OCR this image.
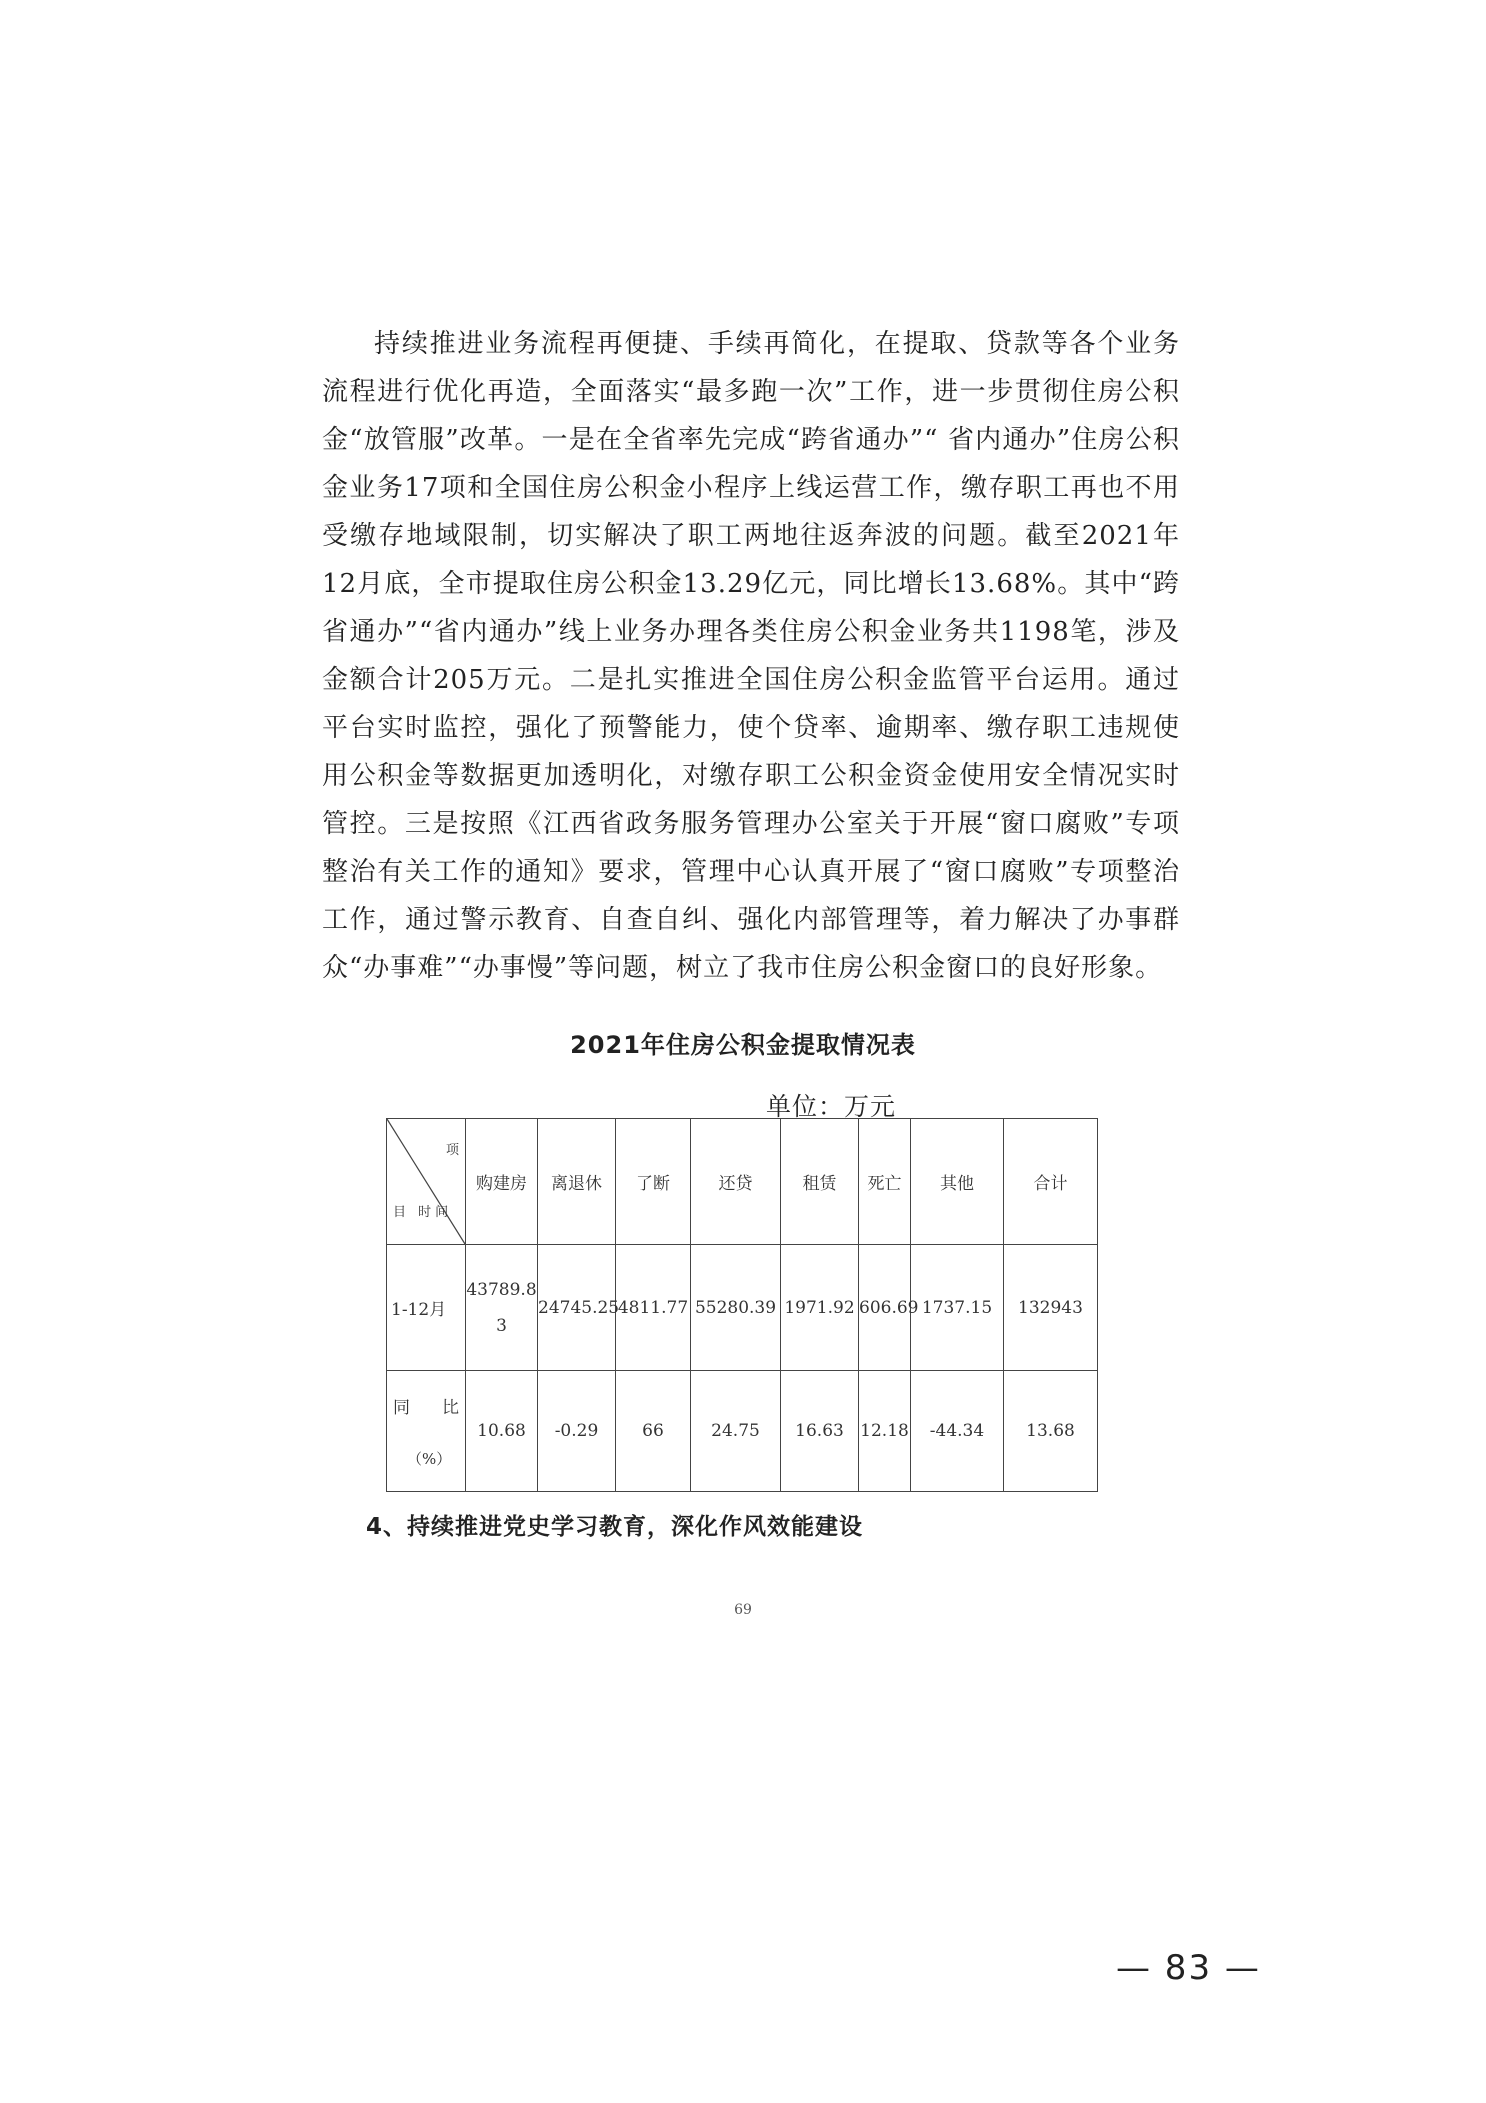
持续推进业务流程再便捷、手续再简化，在提取、贷款等各个业务流程进行优化再造，全面落实“最多跑一次”工作，进一步贯彻住房公积金“放管服”改革。一是在全省率先完成“跨省通办”“ 省内通办”住房公积金业务17项和全国住房公积金小程序上线运营工作，缴存职工再也不用受缴存地域限制，切实解决了职工两地往返奔波的问题。截至2021年12月底，全市提取住房公积金13.29亿元，同比增长13.68%。其中“跨省通办”“省内通办”线上业务办理各类住房公积金业务共1198笔，涉及金额合计205万元。二是扎实推进全国住房公积金监管平台运用。通过平台实时监控，强化了预警能力，使个贷率、逾期率、缴存职工违规使用公积金等数据更加透明化，对缴存职工公积金资金使用安全情况实时管控。三是按照《江西省政务服务管理办公室关于开展“窗口腐败”专项整治有关工作的通知》要求，管理中心认真开展了“窗口腐败”专项整治工作，通过警示教育、自查自纠、强化内部管理等，着力解决了办事群众“办事难”“办事慢”等问题，树立了我市住房公积金窗口的良好形象。

2021年住房公积金提取情况表
单位：万元
项
目 时间	购建房	离退休	了断	还贷	租赁	死亡	其他	合计
1-12月	43789.83	24745.25	4811.77	55280.39	1971.92	606.69	1737.15	132943

同 比
（%）	10.68	-0.29	66	24.75	16.63	12.18	-44.34	13.68
4、持续推进党史学习教育，深化作风效能建设
69
— 83 —
